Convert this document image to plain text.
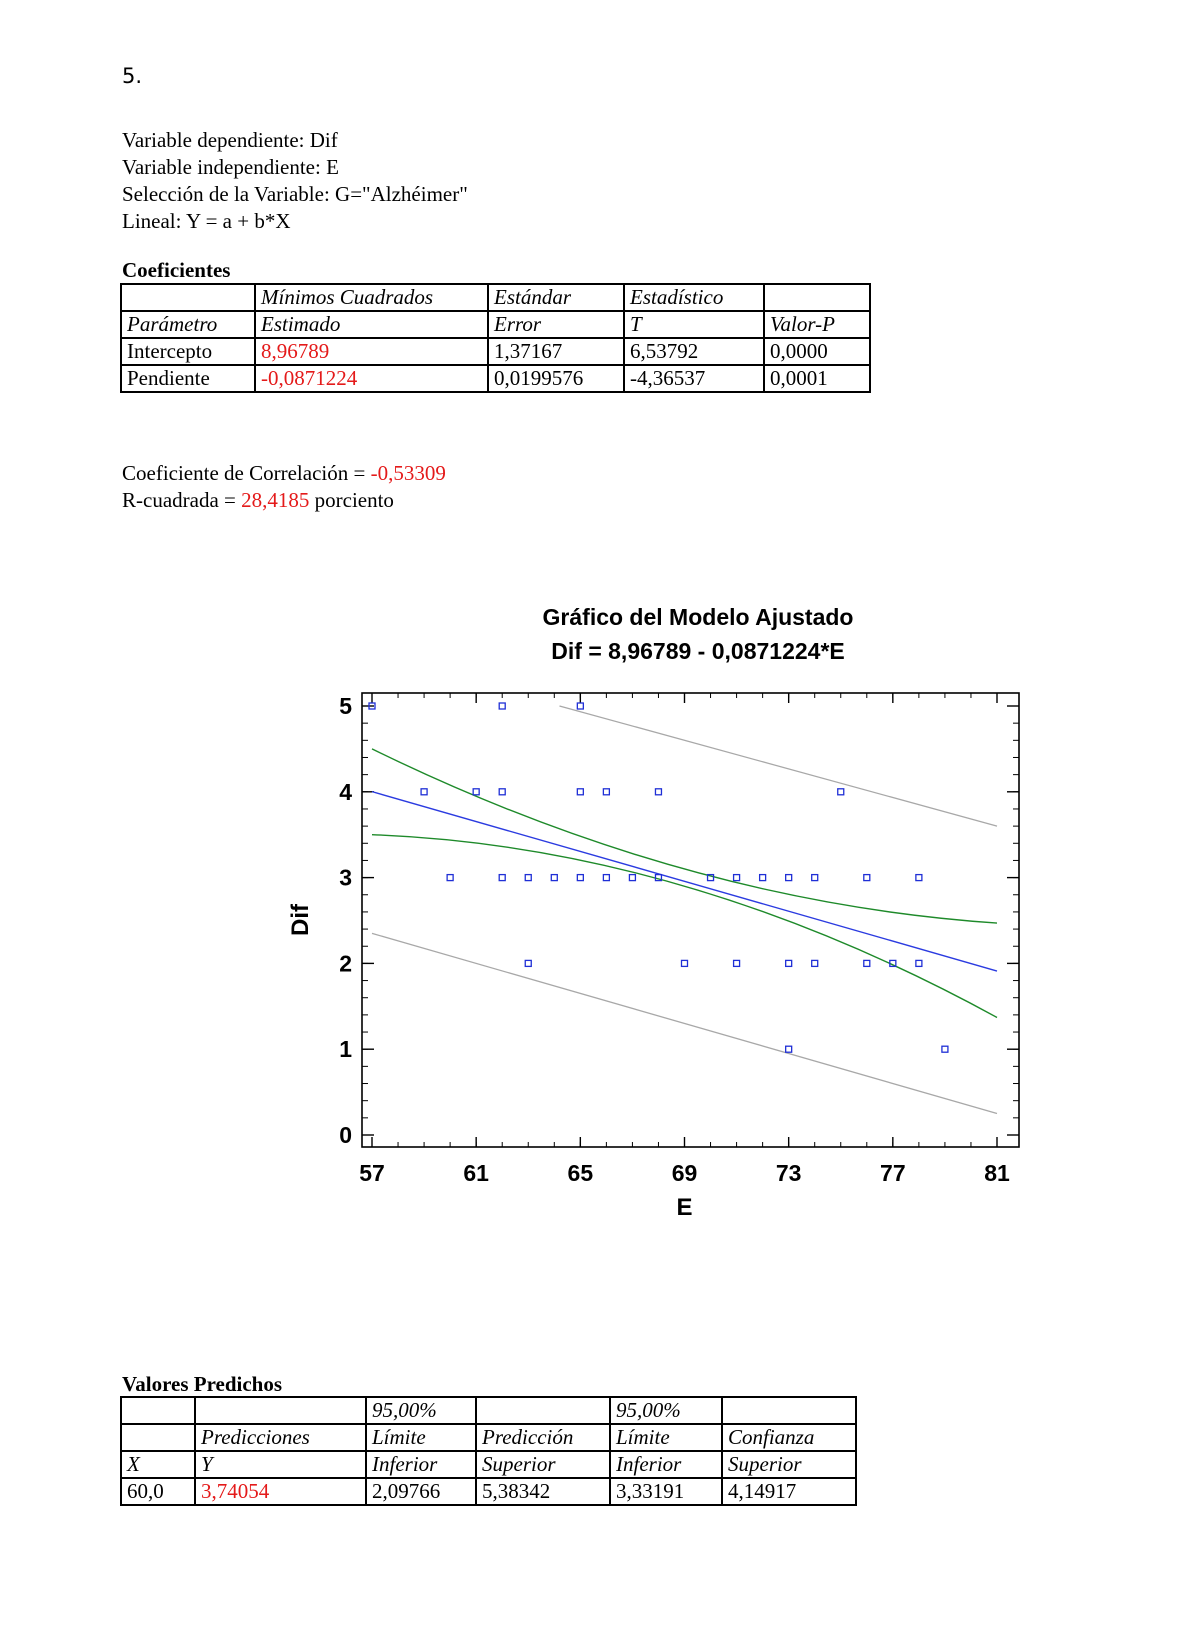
5.
Variable dependiente: Dif
Variable independiente: E
Selección de la Variable: G="Alzhéimer"
Lineal: Y = a + b*X
Coeficientes
	Mínimos Cuadrados	Estándar	Estadístico	
Parámetro	Estimado	Error	T	Valor-P
Intercepto	8,96789	1,37167	6,53792	0,0000
Pendiente	-0,0871224	0,0199576	-4,36537	0,0001
Coeficiente de Correlación = -0,53309
R-cuadrada = 28,4185 porciento
Gráfico del Modelo Ajustado
Dif = 8,96789 - 0,0871224*E
57	61	65	69	73	77	81
0
1
2
3
4
5
E
Dif
Valores Predichos
		95,00%		95,00%	
	Predicciones	Límite	Predicción	Límite	Confianza
X	Y	Inferior	Superior	Inferior	Superior
60,0	3,74054	2,09766	5,38342	3,33191	4,14917
